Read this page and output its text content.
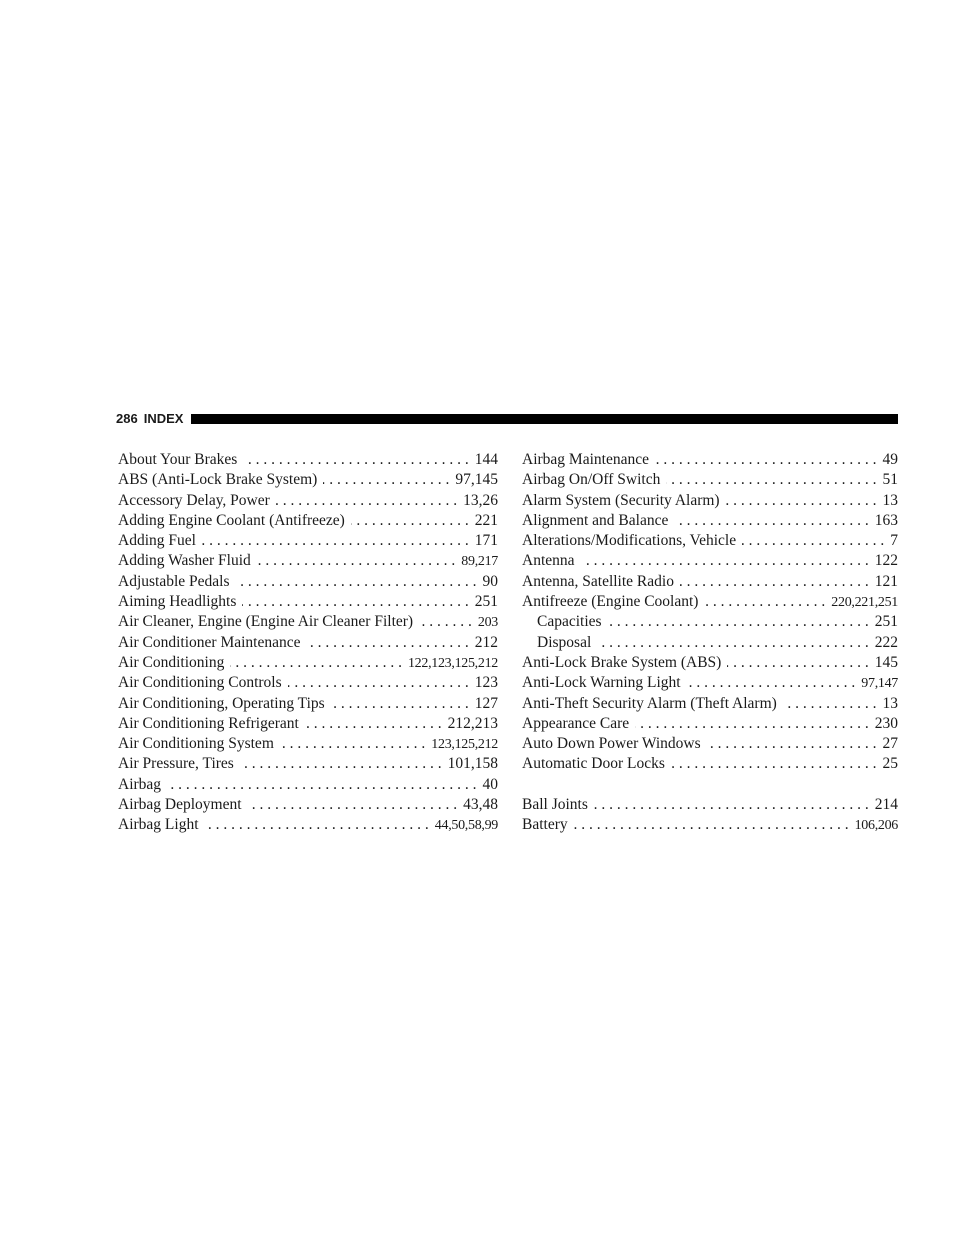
286 INDEX
About Your Brakes . . .	144
ABS (Anti-Lock Brake System) . . .	97,145
Accessory Delay, Power . . .	13,26
Adding Engine Coolant (Antifreeze) . . .	221
Adding Fuel . . .	171
Adding Washer Fluid . . .	89,217
Adjustable Pedals . . .	90
Aiming Headlights . . .	251
Air Cleaner, Engine (Engine Air Cleaner Filter) . . .	203
Air Conditioner Maintenance . . .	212
Air Conditioning . . .	122,123,125,212
Air Conditioning Controls . . .	123
Air Conditioning, Operating Tips . . .	127
Air Conditioning Refrigerant . . .	212,213
Air Conditioning System . . .	123,125,212
Air Pressure, Tires . . .	101,158
Airbag . . .	40
Airbag Deployment . . .	43,48
Airbag Light . . .	44,50,58,99
Airbag Maintenance . . .	49
Airbag On/Off Switch . . .	51
Alarm System (Security Alarm) . . .	13
Alignment and Balance . . .	163
Alterations/Modifications, Vehicle . . .	7
Antenna . . .	122
Antenna, Satellite Radio . . .	121
Antifreeze (Engine Coolant) . . .	220,221,251
Capacities . . .	251
Disposal . . .	222
Anti-Lock Brake System (ABS) . . .	145
Anti-Lock Warning Light . . .	97,147
Anti-Theft Security Alarm (Theft Alarm) . . .	13
Appearance Care . . .	230
Auto Down Power Windows . . .	27
Automatic Door Locks . . .	25
Ball Joints . . .	214
Battery . . .	106,206
